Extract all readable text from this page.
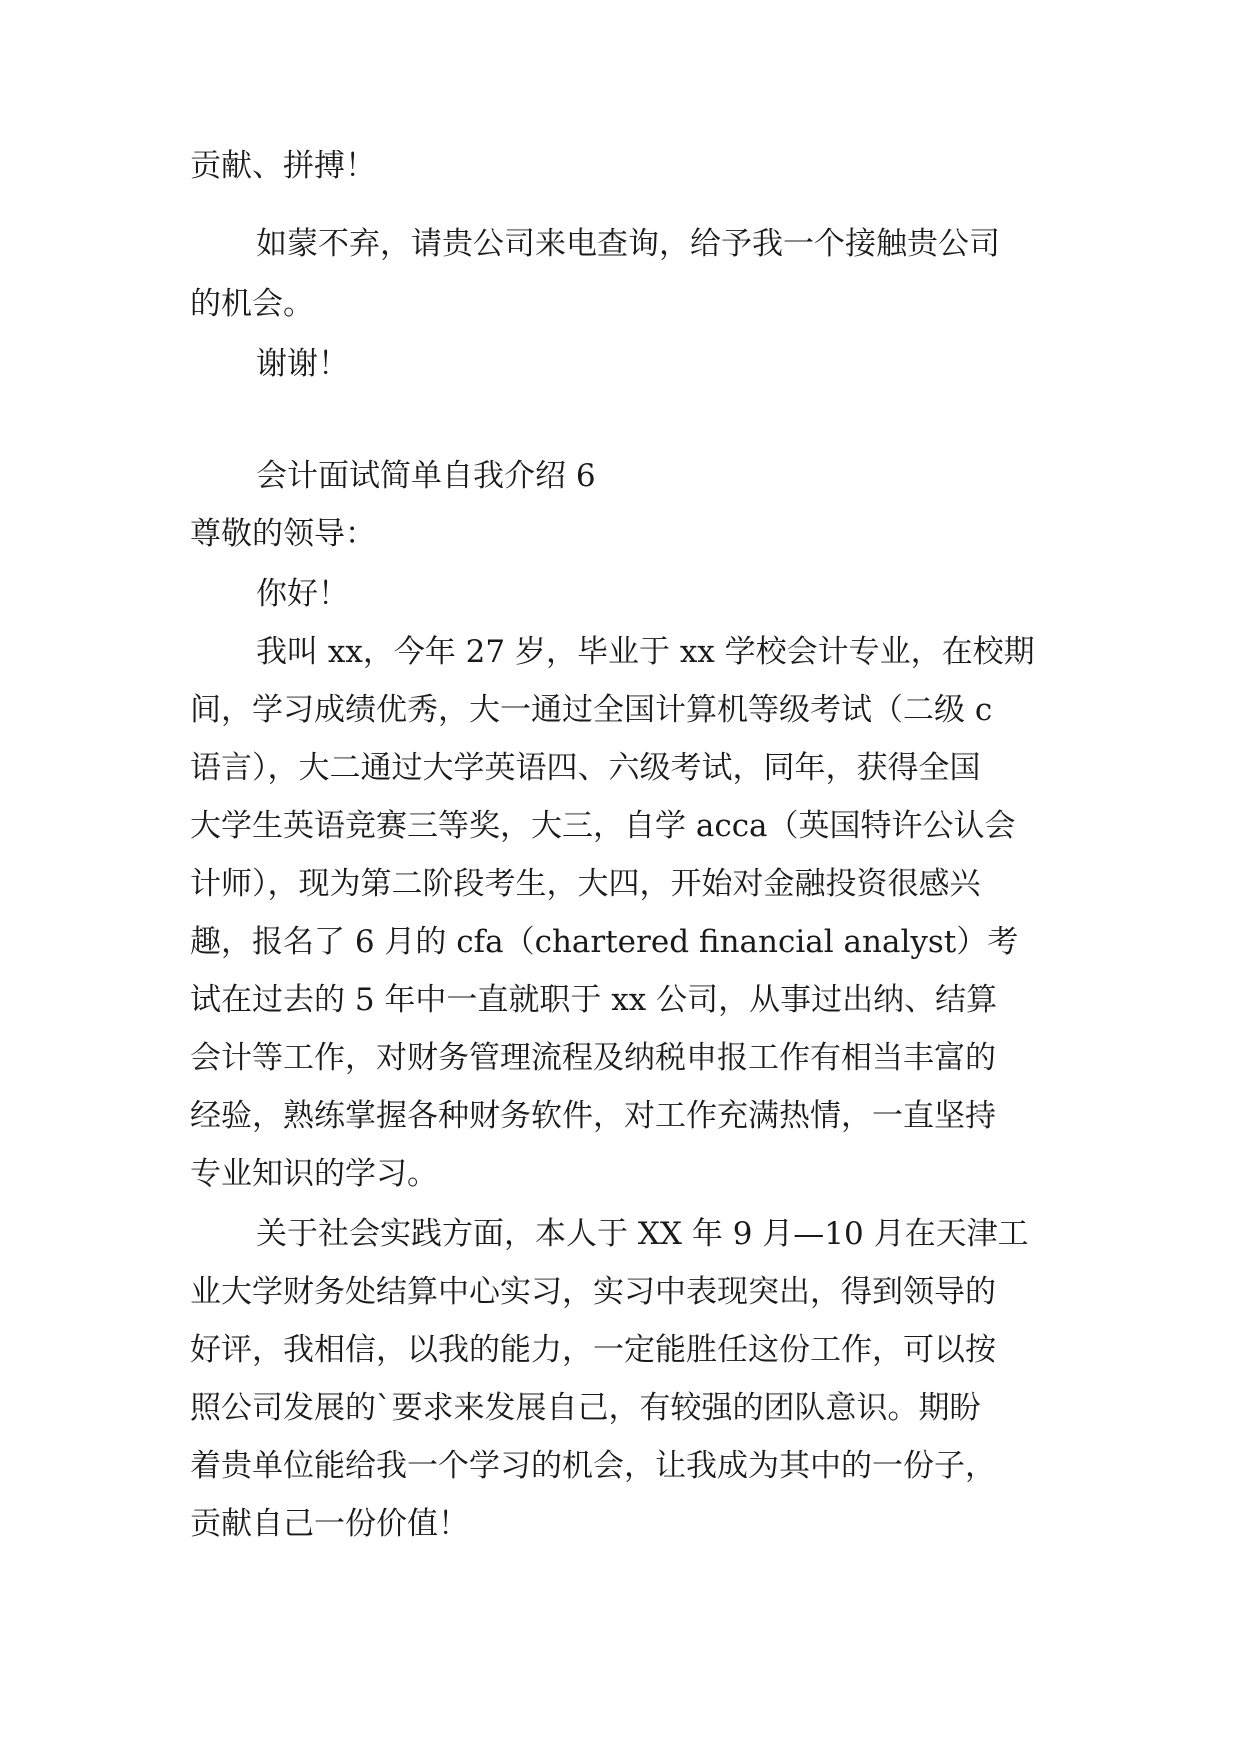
贡献、拼搏！

如蒙不弃，请贵公司来电查询，给予我一个接触贵公司

的机会。

谢谢！

会计面试简单自我介绍 6

尊敬的领导：

你好！

我叫 xx，今年 27 岁，毕业于 xx 学校会计专业，在校期

间，学习成绩优秀，大一通过全国计算机等级考试（二级 c

语言），大二通过大学英语四、六级考试，同年，获得全国

大学生英语竞赛三等奖，大三，自学 acca（英国特许公认会

计师），现为第二阶段考生，大四，开始对金融投资很感兴

趣，报名了 6 月的 cfa（chartered financial analyst）考

试在过去的 5 年中一直就职于 xx 公司，从事过出纳、结算

会计等工作，对财务管理流程及纳税申报工作有相当丰富的

经验，熟练掌握各种财务软件，对工作充满热情，一直坚持

专业知识的学习。

关于社会实践方面，本人于 XX 年 9 月—10 月在天津工

业大学财务处结算中心实习，实习中表现突出，得到领导的

好评，我相信，以我的能力，一定能胜任这份工作，可以按

照公司发展的`要求来发展自己，有较强的团队意识。期盼

着贵单位能给我一个学习的机会，让我成为其中的一份子，

贡献自己一份价值！
